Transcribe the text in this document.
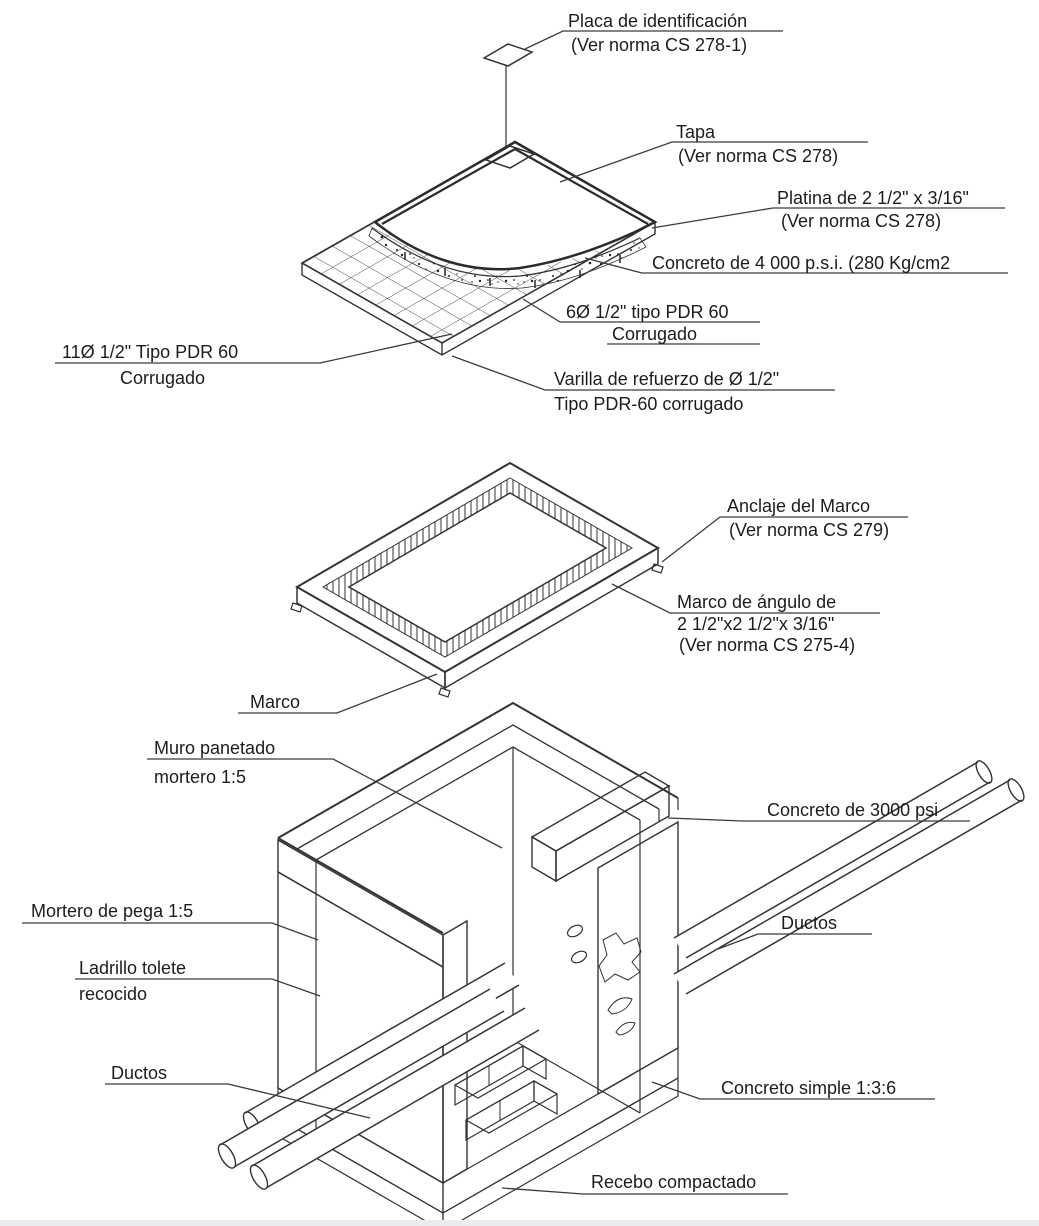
Placa de identificación
(Ver norma CS 278-1)
Tapa
(Ver norma CS 278)
Platina de 2 1/2" x 3/16"
(Ver norma CS 278)
Concreto de 4 000 p.s.i. (280 Kg/cm2
6Ø 1/2" tipo PDR 60
Corrugado
11Ø 1/2" Tipo PDR 60
Corrugado	Varilla de refuerzo de Ø 1/2"
Tipo PDR-60 corrugado
Anclaje del Marco
(Ver norma CS 279)
Marco de ángulo de
2 1/2"x2 1/2"x 3/16"
(Ver norma CS 275-4)
Marco
Muro panetado
mortero 1:5
Concreto de 3000 psi
Mortero de pega 1:5
Ladrillo tolete
recocido
Ductos
Ductos
Concreto simple 1:3:6
Recebo compactado
